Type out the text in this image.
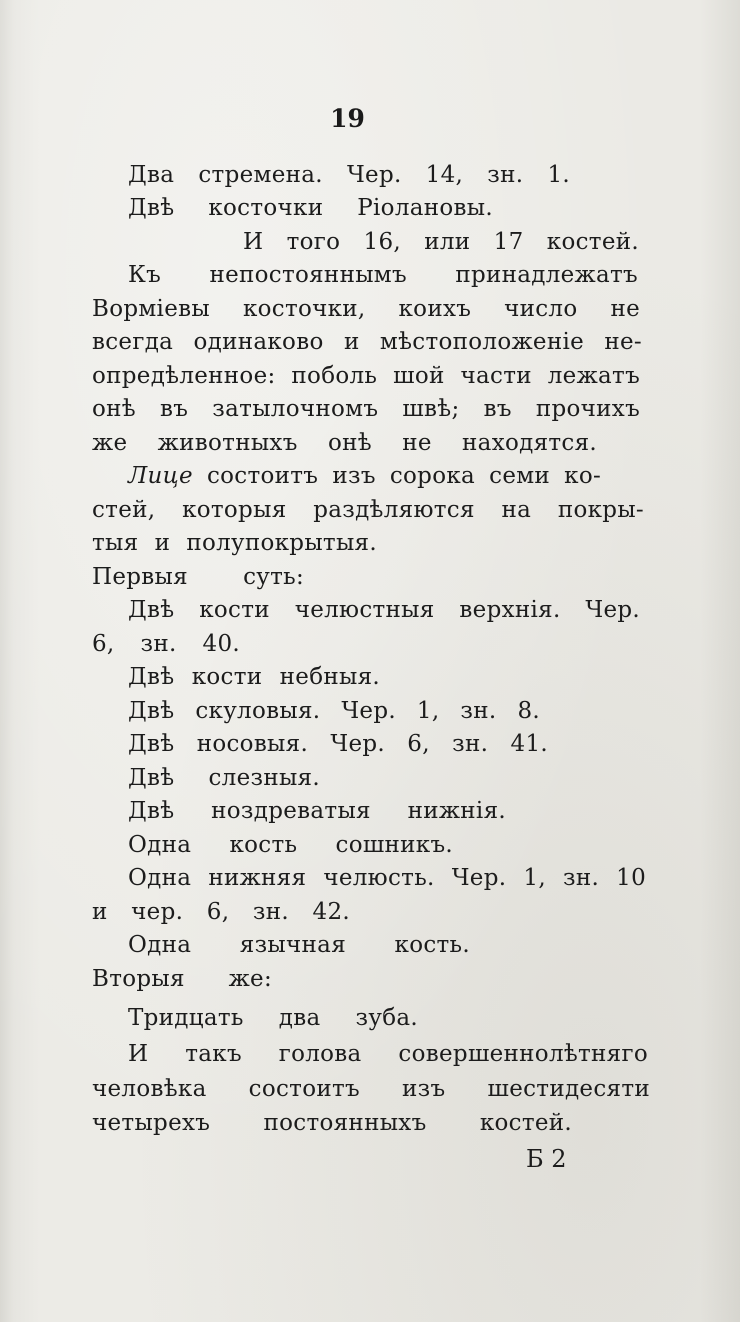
19
Два стремена. Чер. 14, зн. 1.
Двѣ косточки Ріолановы.
И того 16, или 17 костей.
Къ непостояннымъ принадлежатъ
Ворміевы косточки, коихъ число не
всегда одинаково и мѣстоположеніе не-
опредѣленное: поболь шой части лежатъ
онѣ въ затылочномъ швѣ; въ прочихъ
же животныхъ онѣ не находятся.
Лице состоитъ изъ сорока семи ко-
стей, которыя раздѣляются на покры-
тыя и полупокрытыя.
Первыя суть:
Двѣ кости челюстныя верхнія. Чер.
6, зн. 40.
Двѣ кости небныя.
Двѣ скуловыя. Чер. 1, зн. 8.
Двѣ носовыя. Чер. 6, зн. 41.
Двѣ слезныя.
Двѣ ноздреватыя нижнія.
Одна кость сошникъ.
Одна нижняя челюсть. Чер. 1, зн. 10
и чер. 6, зн. 42.
Одна язычная кость.
Вторыя же:
Тридцать два зуба.
И такъ голова совершеннолѣтняго
человѣка состоитъ изъ шестидесяти
четырехъ постоянныхъ костей.
Б 2
